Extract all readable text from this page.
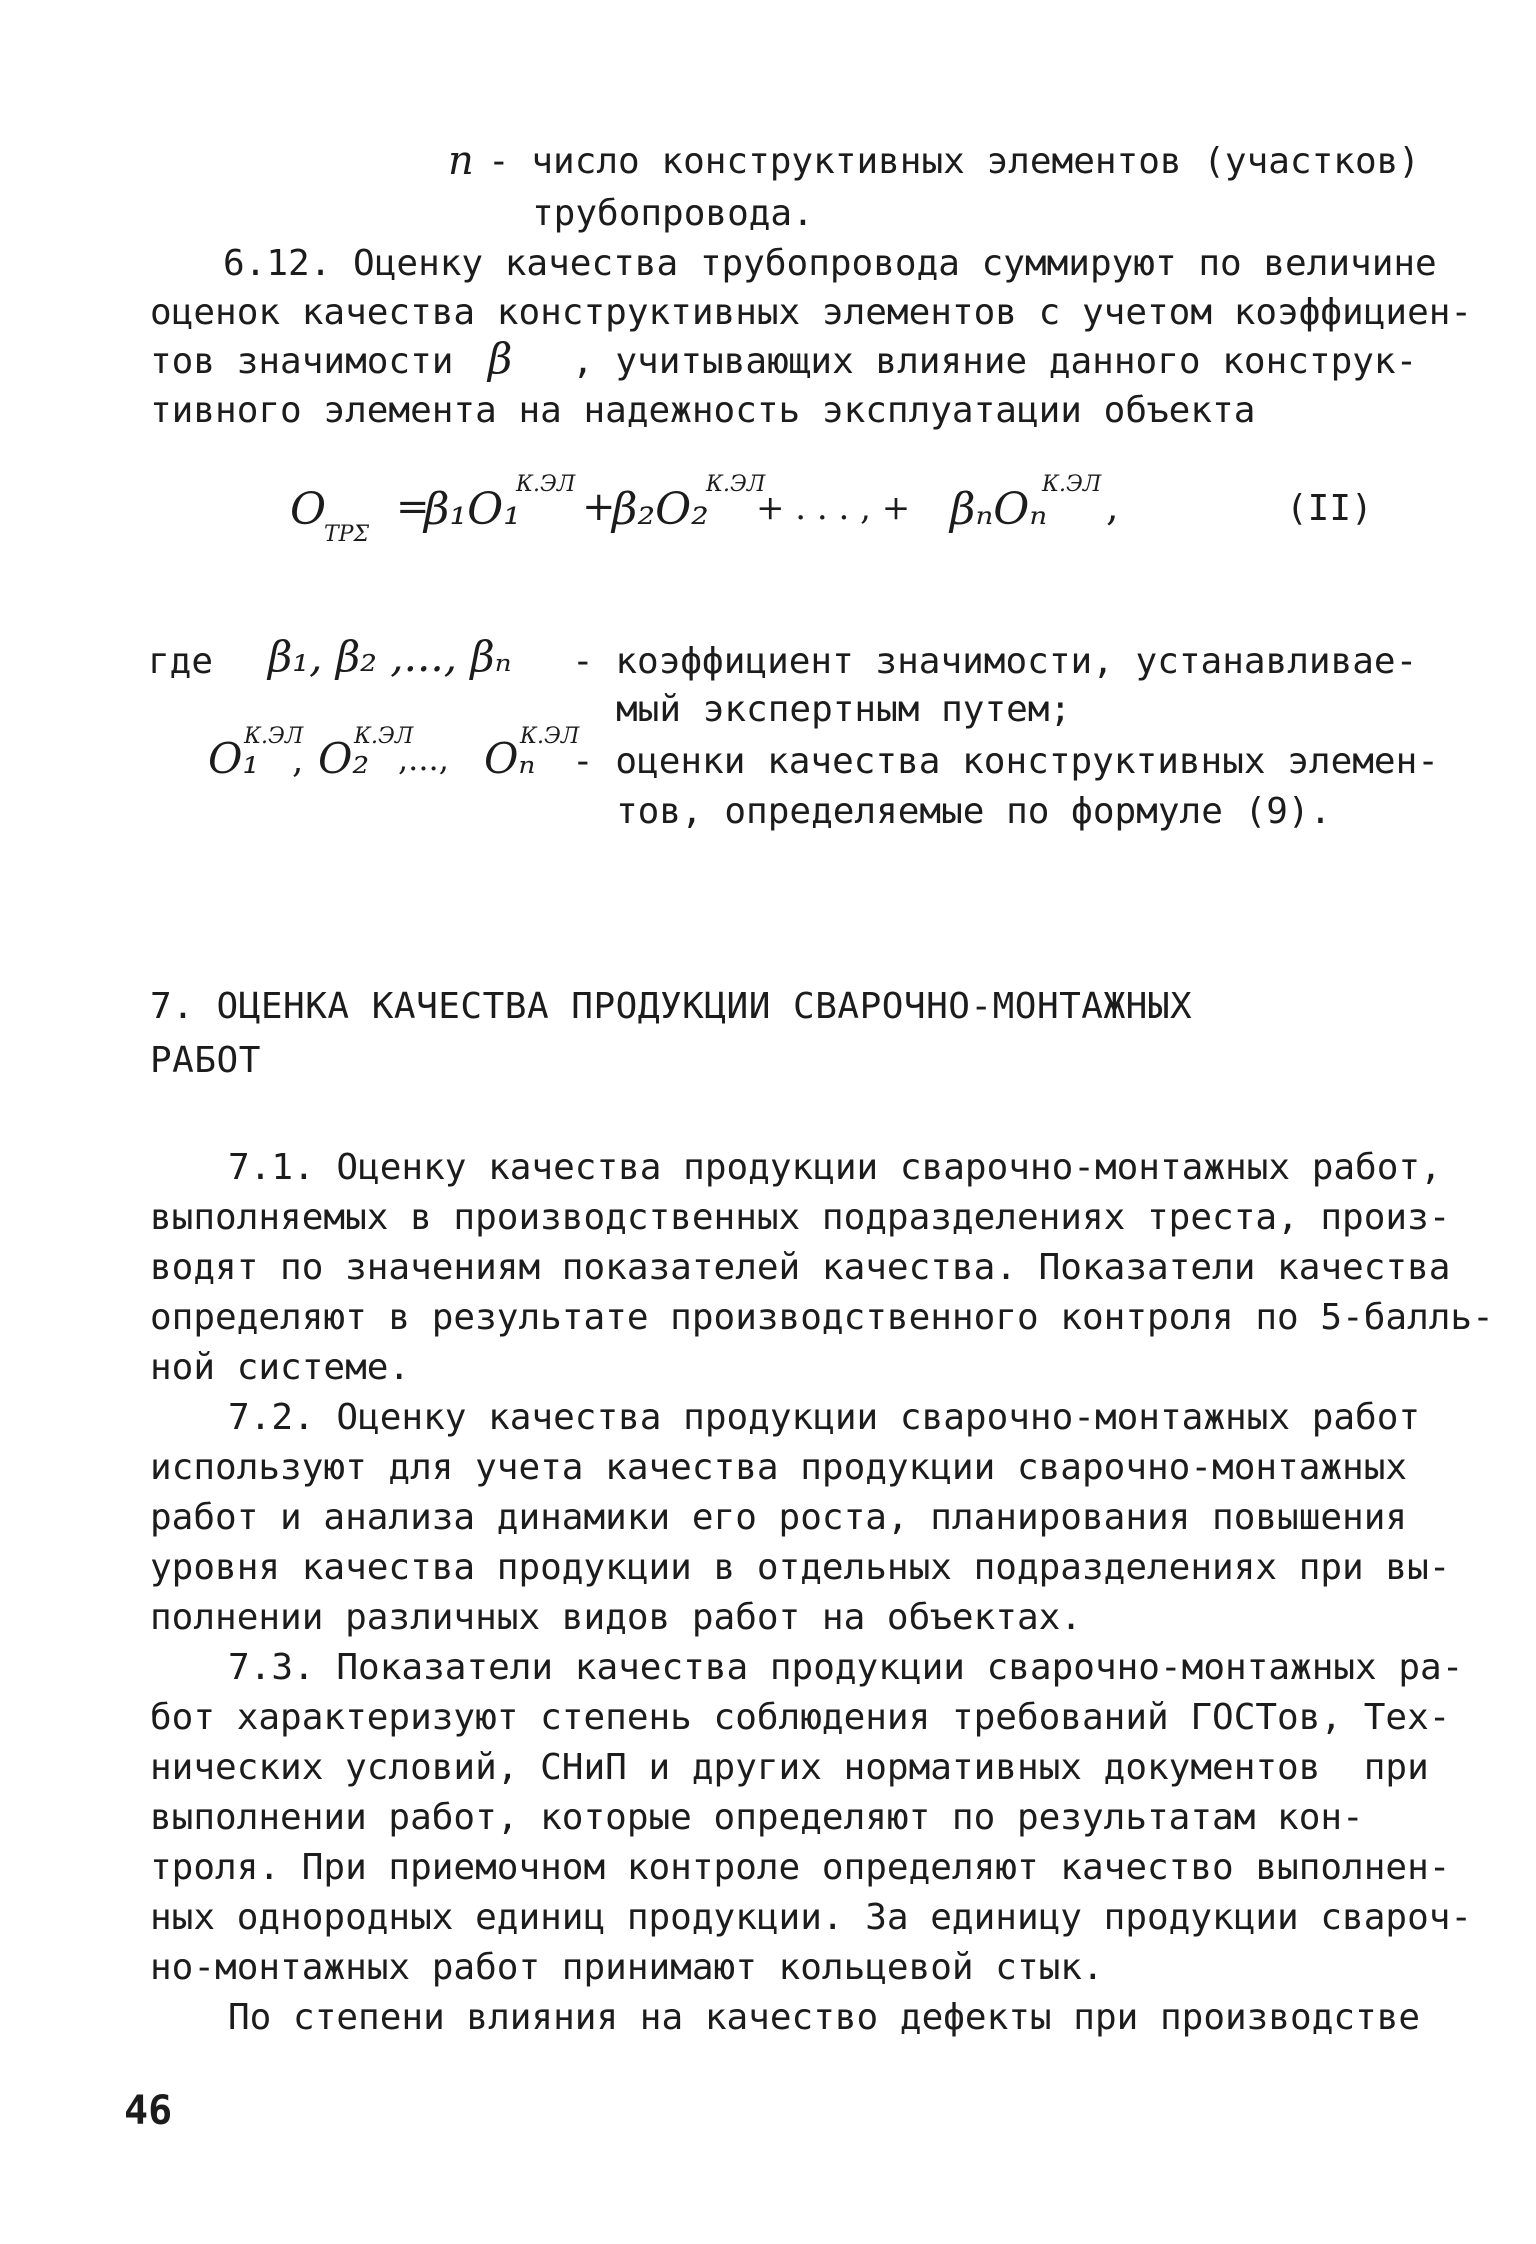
n - число конструктивных элементов (участков)
трубопровода.
6.12. Оценку качества трубопровода суммируют по величине
оценок качества конструктивных элементов с учетом коэффициен-
тов значимости β , учитывающих влияние данного конструк-
тивного элемента на надежность эксплуатации объекта
O
ТРΣ
=
β₁O₁
К.ЭЛ +
β₂O₂
К.ЭЛ
+ . . . , + βₙOₙ
К.ЭЛ ,	(II)
где β₁, β₂ ,..., βₙ - коэффициент значимости, устанавливае-
мый экспертным путем;
O₁
К.ЭЛ
, O₂
К.ЭЛ
,..., Oₙ
К.ЭЛ
- оценки качества конструктивных элемен-
тов, определяемые по формуле (9).
7. ОЦЕНКА КАЧЕСТВА ПРОДУКЦИИ СВАРОЧНО-МОНТАЖНЫХ
РАБОТ
7.1. Оценку качества продукции сварочно-монтажных работ,
выполняемых в производственных подразделениях треста, произ-
водят по значениям показателей качества. Показатели качества
определяют в результате производственного контроля по 5-балль-
ной системе.
7.2. Оценку качества продукции сварочно-монтажных работ
используют для учета качества продукции сварочно-монтажных
работ и анализа динамики его роста, планирования повышения
уровня качества продукции в отдельных подразделениях при вы-
полнении различных видов работ на объектах.
7.3. Показатели качества продукции сварочно-монтажных ра-
бот характеризуют степень соблюдения требований ГОСТов, Тех-
нических условий, СНиП и других нормативных документов  при
выполнении работ, которые определяют по результатам кон-
троля. При приемочном контроле определяют качество выполнен-
ных однородных единиц продукции. За единицу продукции свароч-
но-монтажных работ принимают кольцевой стык.
По степени влияния на качество дефекты при производстве
46
